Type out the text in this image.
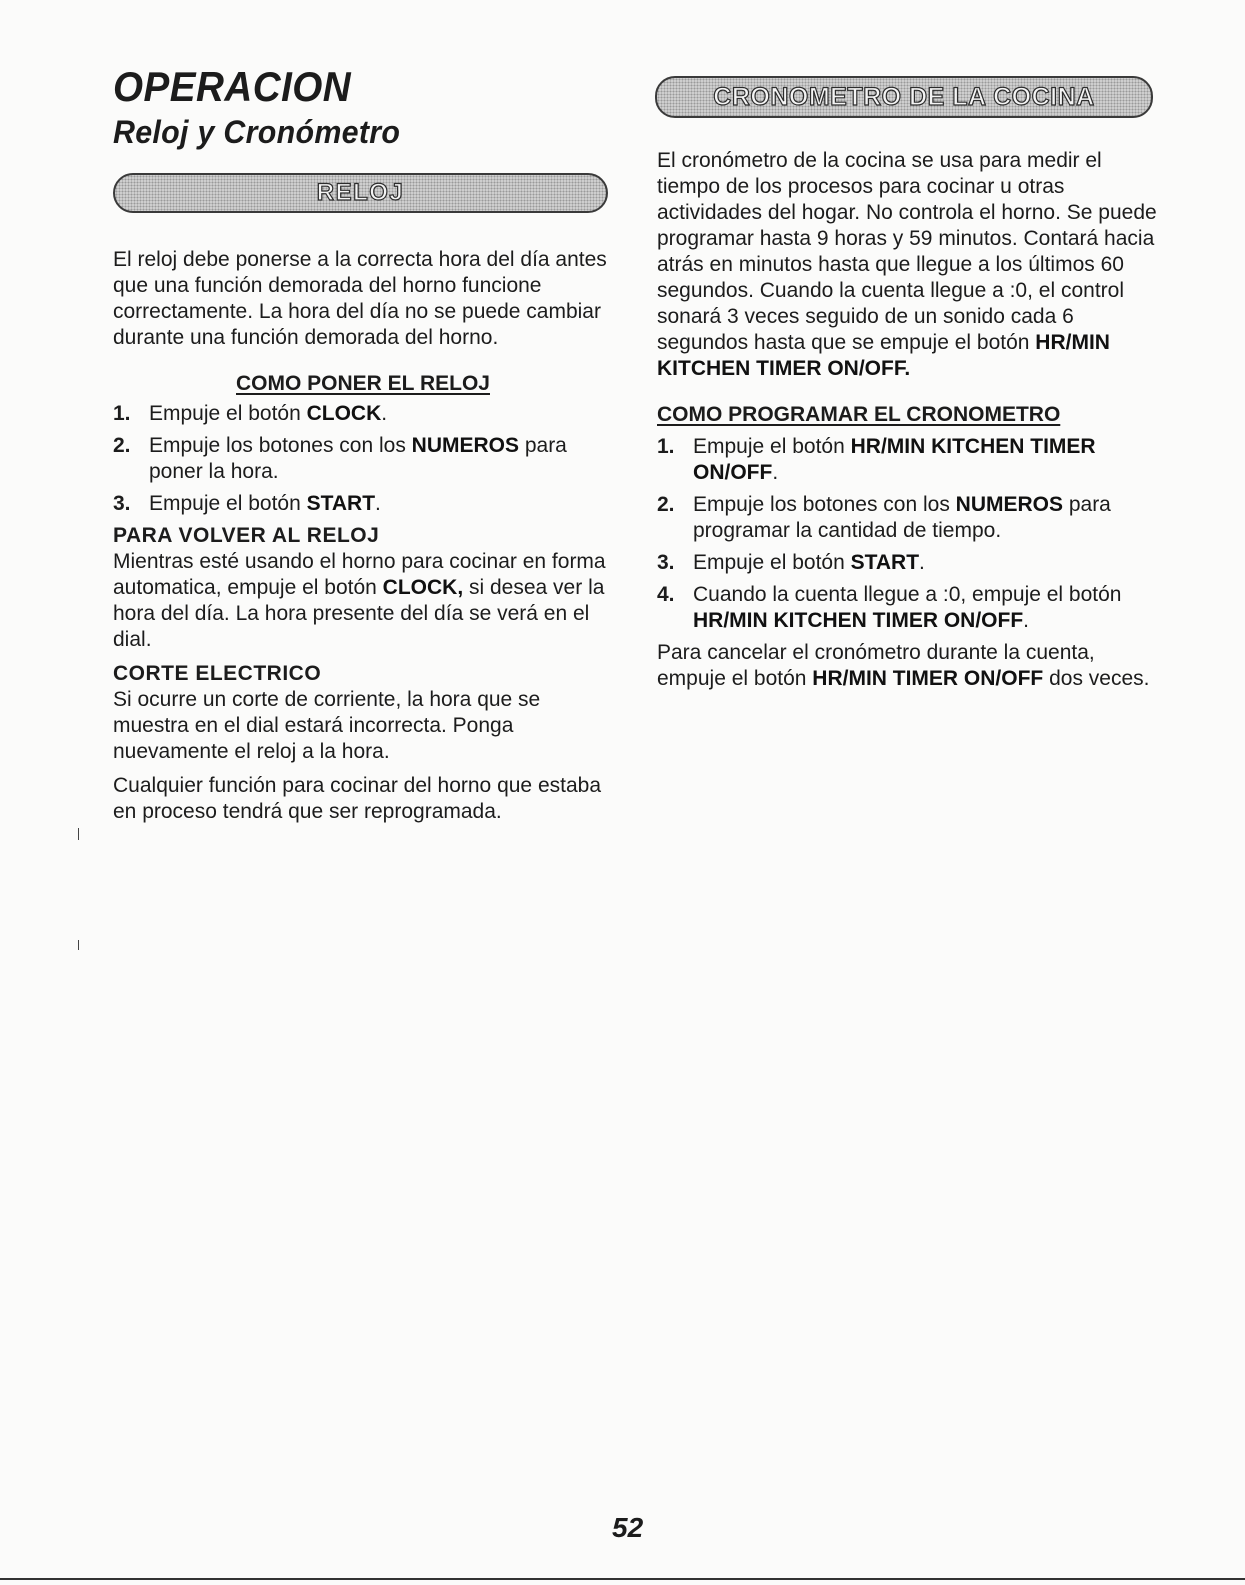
OPERACION
Reloj y Cronómetro
RELOJ
CRONOMETRO DE LA COCINA

El reloj debe ponerse a la correcta hora del día antes que una función demorada del horno funcione correctamente. La hora del día no se puede cambiar durante una función demorada del horno.

COMO PONER EL RELOJ
1. Empuje el botón CLOCK.
2. Empuje los botones con los NUMEROS para poner la hora.
3. Empuje el botón START.
PARA VOLVER AL RELOJ

Mientras esté usando el horno para cocinar en forma automatica, empuje el botón CLOCK, si desea ver la hora del día. La hora presente del día se verá en el dial.

CORTE ELECTRICO

Si ocurre un corte de corriente, la hora que se muestra en el dial estará incorrecta. Ponga nuevamente el reloj a la hora.

Cualquier función para cocinar del horno que estaba en proceso tendrá que ser reprogramada.

El cronómetro de la cocina se usa para medir el tiempo de los procesos para cocinar u otras actividades del hogar. No controla el horno. Se puede programar hasta 9 horas y 59 minutos. Contará hacia atrás en minutos hasta que llegue a los últimos 60 segundos. Cuando la cuenta llegue a :0, el control sonará 3 veces seguido de un sonido cada 6 segundos hasta que se empuje el botón HR/MIN KITCHEN TIMER ON/OFF.

COMO PROGRAMAR EL CRONOMETRO
1. Empuje el botón HR/MIN KITCHEN TIMER ON/OFF.
2. Empuje los botones con los NUMEROS para programar la cantidad de tiempo.
3. Empuje el botón START.
4. Cuando la cuenta llegue a :0, empuje el botón HR/MIN KITCHEN TIMER ON/OFF.

Para cancelar el cronómetro durante la cuenta, empuje el botón HR/MIN TIMER ON/OFF dos veces.

52
